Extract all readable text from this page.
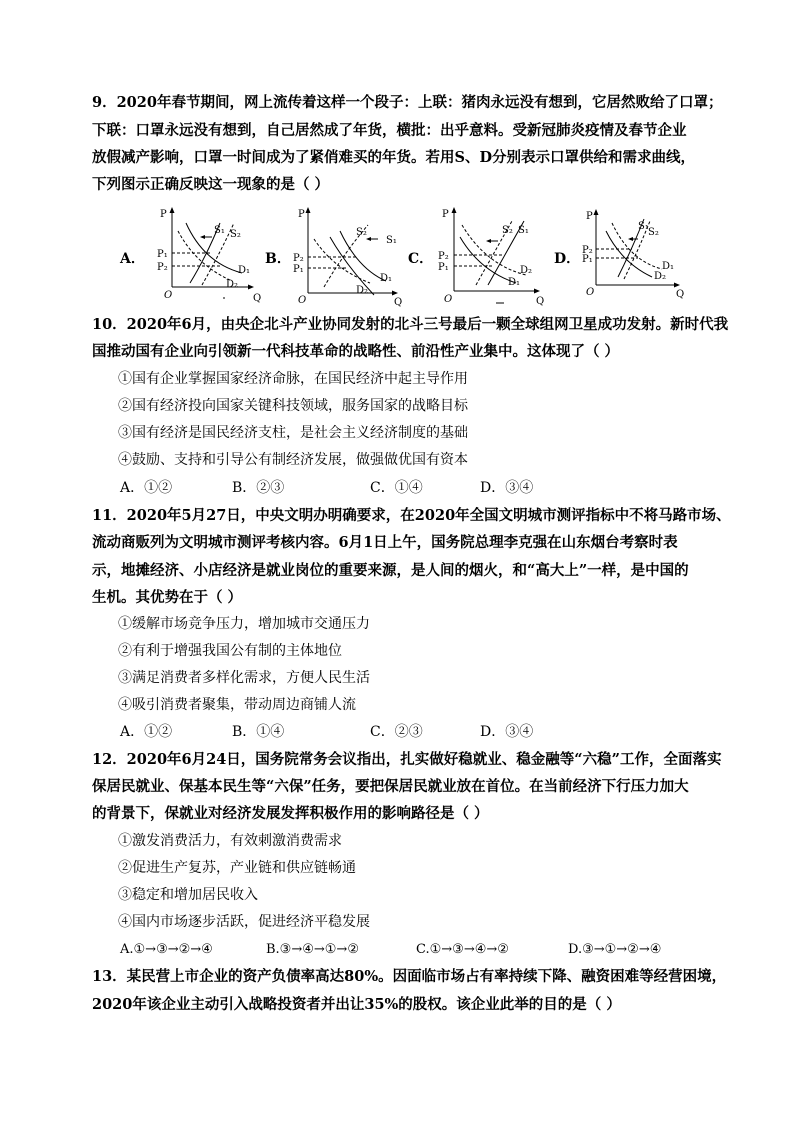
9．2020年春节期间，网上流传着这样一个段子：上联：猪肉永远没有想到，它居然败给了口罩；
下联：口罩永远没有想到，自己居然成了年货，横批：出乎意料。受新冠肺炎疫情及春节企业
放假减产影响，口罩一时间成为了紧俏难买的年货。若用S、D分别表示口罩供给和需求曲线，
下列图示正确反映这一现象的是（ ）
A．
P
Q
O
P₁
P₂
S₁ S₂
D₁
D₂
B．
P
Q
O
P₂
P₁
S₂
S₁
D₁
D₂
C．
P
Q
O
P₂
P₁
S₂ S₁
D₂
D₁
D．
P
Q
O
P₂
P₁
S₁
S₂
D₁
D₂
10．2020年6月，由央企北斗产业协同发射的北斗三号最后一颗全球组网卫星成功发射。新时代我
国推动国有企业向引领新一代科技革命的战略性、前沿性产业集中。这体现了（ ）
①国有企业掌握国家经济命脉，在国民经济中起主导作用
②国有经济投向国家关键科技领域，服务国家的战略目标
③国有经济是国民经济支柱，是社会主义经济制度的基础
④鼓励、支持和引导公有制经济发展，做强做优国有资本
A．①②	B．②③	C．①④	D．③④
11．2020年5月27日，中央文明办明确要求，在2020年全国文明城市测评指标中不将马路市场、
流动商贩列为文明城市测评考核内容。6月1日上午，国务院总理李克强在山东烟台考察时表
示，地摊经济、小店经济是就业岗位的重要来源，是人间的烟火，和“高大上”一样，是中国的
生机。其优势在于（ ）
①缓解市场竞争压力，增加城市交通压力
②有利于增强我国公有制的主体地位
③满足消费者多样化需求，方便人民生活
④吸引消费者聚集，带动周边商铺人流
A．①②	B．①④	C．②③	D．③④
12．2020年6月24日，国务院常务会议指出，扎实做好稳就业、稳金融等“六稳”工作，全面落实
保居民就业、保基本民生等“六保”任务，要把保居民就业放在首位。在当前经济下行压力加大
的背景下，保就业对经济发展发挥积极作用的影响路径是（ ）
①激发消费活力，有效刺激消费需求
②促进生产复苏，产业链和供应链畅通
③稳定和增加居民收入
④国内市场逐步活跃，促进经济平稳发展
A.①→③→②→④	B.③→④→①→②	C.①→③→④→②	D.③→①→②→④
13．某民营上市企业的资产负债率高达80%。因面临市场占有率持续下降、融资困难等经营困境，
2020年该企业主动引入战略投资者并出让35%的股权。该企业此举的目的是（ ）
